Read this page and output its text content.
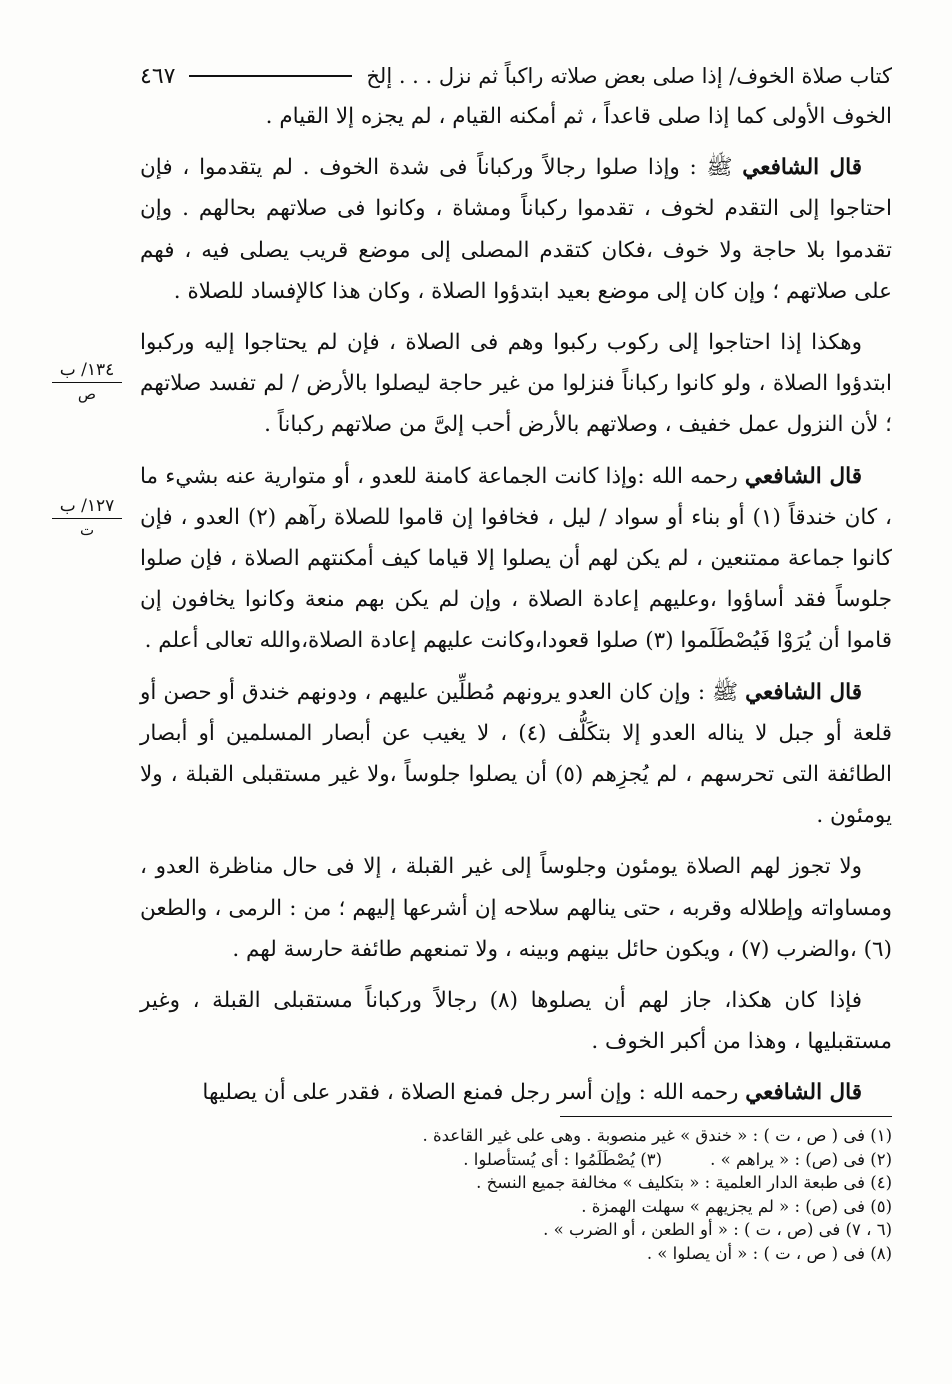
كتاب صلاة الخوف/ إذا صلى بعض صلاته راكباً ثم نزل . . . إلخ
٤٦٧
١٣٤/ ب
ص
١٢٧/ ب
ت

الخوف الأولى كما إذا صلى قاعداً ، ثم أمكنه القيام ، لم يجزه إلا القيام .

قال الشافعي ﷺ : وإذا صلوا رجالاً وركباناً فى شدة الخوف . لم يتقدموا ، فإن احتاجوا إلى التقدم لخوف ، تقدموا ركباناً ومشاة ، وكانوا فى صلاتهم بحالهم . وإن تقدموا بلا حاجة ولا خوف ،فكان كتقدم المصلى إلى موضع قريب يصلى فيه ، فهم على صلاتهم ؛ وإن كان إلى موضع بعيد ابتدؤوا الصلاة ، وكان هذا كالإفساد للصلاة .

وهكذا إذا احتاجوا إلى ركوب ركبوا وهم فى الصلاة ، فإن لم يحتاجوا إليه وركبوا ابتدؤوا الصلاة ، ولو كانوا ركباناً فنزلوا من غير حاجة ليصلوا بالأرض / لم تفسد صلاتهم ؛ لأن النزول عمل خفيف ، وصلاتهم بالأرض أحب إلىَّ من صلاتهم ركباناً .

قال الشافعي رحمه الله :وإذا كانت الجماعة كامنة للعدو ، أو متوارية عنه بشيء ما ، كان خندقاً (١) أو بناء أو سواد / ليل ، فخافوا إن قاموا للصلاة رآهم (٢) العدو ، فإن كانوا جماعة ممتنعين ، لم يكن لهم أن يصلوا إلا قياما كيف أمكنتهم الصلاة ، فإن صلوا جلوساً فقد أساؤوا ،وعليهم إعادة الصلاة ، وإن لم يكن بهم منعة وكانوا يخافون إن قاموا أن يُرَوْا فَيُصْطَلَموا (٣) صلوا قعودا،وكانت عليهم إعادة الصلاة،والله تعالى أعلم .

قال الشافعي ﷺ : وإن كان العدو يرونهم مُطلِّين عليهم ، ودونهم خندق أو حصن أو قلعة أو جبل لا يناله العدو إلا بتكَلُّف (٤) ، لا يغيب عن أبصار المسلمين أو أبصار الطائفة التى تحرسهم ، لم يُجزِهم (٥) أن يصلوا جلوساً ،ولا غير مستقبلى القبلة ، ولا يومئون .

ولا تجوز لهم الصلاة يومئون وجلوساً إلى غير القبلة ، إلا فى حال مناظرة العدو ، ومساواته وإطلاله وقربه ، حتى ينالهم سلاحه إن أشرعها إليهم ؛ من : الرمى ، والطعن (٦) ،والضرب (٧) ، ويكون حائل بينهم وبينه ، ولا تمنعهم طائفة حارسة لهم .

فإذا كان هكذا، جاز لهم أن يصلوها (٨) رجالاً وركباناً مستقبلى القبلة ، وغير مستقبليها ، وهذا من أكبر الخوف .

قال الشافعي رحمه الله : وإن أسر رجل فمنع الصلاة ، فقدر على أن يصليها

(١) فى ( ص ، ت ) : « خندق » غير منصوبة . وهى على غير القاعدة .
(٢) فى (ص) : « يراهم » .
(٣) يُصْطَلَمُوا : أى يُستأصلوا .
(٤) فى طبعة الدار العلمية : « بتكليف » مخالفة جميع النسخ .
(٥) فى (ص) : « لم يجزيهم » سهلت الهمزة .
(٦ ، ٧) فى (ص ، ت ) : « أو الطعن ، أو الضرب » .
(٨) فى ( ص ، ت ) : « أن يصلوا » .
